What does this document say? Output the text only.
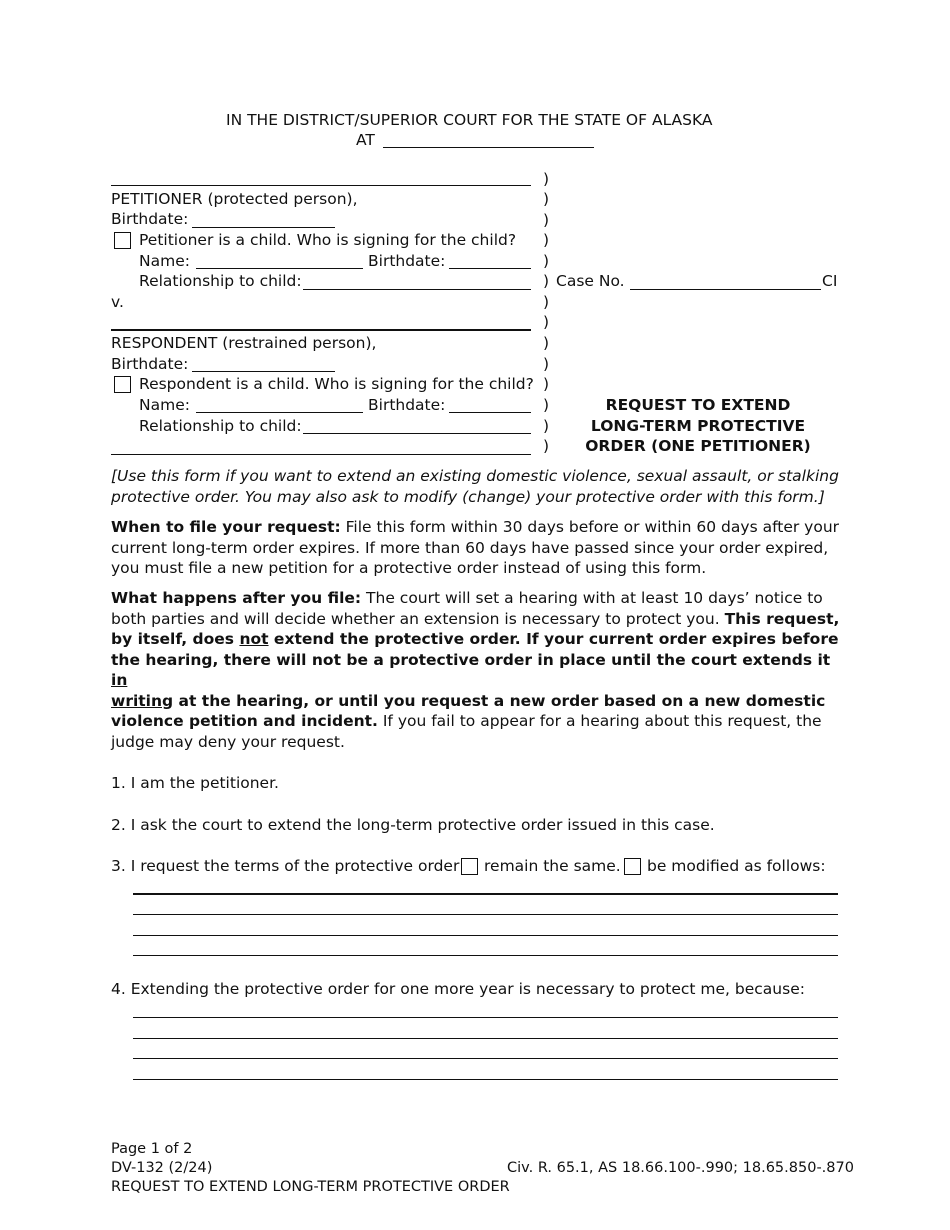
IN THE DISTRICT/SUPERIOR COURT FOR THE STATE OF ALASKA
AT
PETITIONER (protected person),
Birthdate:
Petitioner is a child. Who is signing for the child?
Name:	Birthdate:
Relationship to child:
v.
RESPONDENT (restrained person),
Birthdate:
Respondent is a child. Who is signing for the child?
Name:	Birthdate:
Relationship to child:
)
)
)
)
)
)
)
)
)
)
)
)
)
)
Case No.	CI
REQUEST TO EXTEND
LONG-TERM PROTECTIVE
ORDER (ONE PETITIONER)
[Use this form if you want to extend an existing domestic violence, sexual assault, or stalking
protective order. You may also ask to modify (change) your protective order with this form.]
When to file your request: File this form within 30 days before or within 60 days after your
current long-term order expires. If more than 60 days have passed since your order expired,
you must file a new petition for a protective order instead of using this form.
What happens after you file: The court will set a hearing with at least 10 days’ notice to
both parties and will decide whether an extension is necessary to protect you. This request,
by itself, does not extend the protective order. If your current order expires before
the hearing, there will not be a protective order in place until the court extends it in
writing at the hearing, or until you request a new order based on a new domestic
violence petition and incident. If you fail to appear for a hearing about this request, the
judge may deny your request.
1. I am the petitioner.
2. I ask the court to extend the long-term protective order issued in this case.
3. I request the terms of the protective order remain the same. be modified as follows:
4. Extending the protective order for one more year is necessary to protect me, because:
Page 1 of 2
DV-132 (2/24)	Civ. R. 65.1, AS 18.66.100-.990; 18.65.850-.870
REQUEST TO EXTEND LONG-TERM PROTECTIVE ORDER
